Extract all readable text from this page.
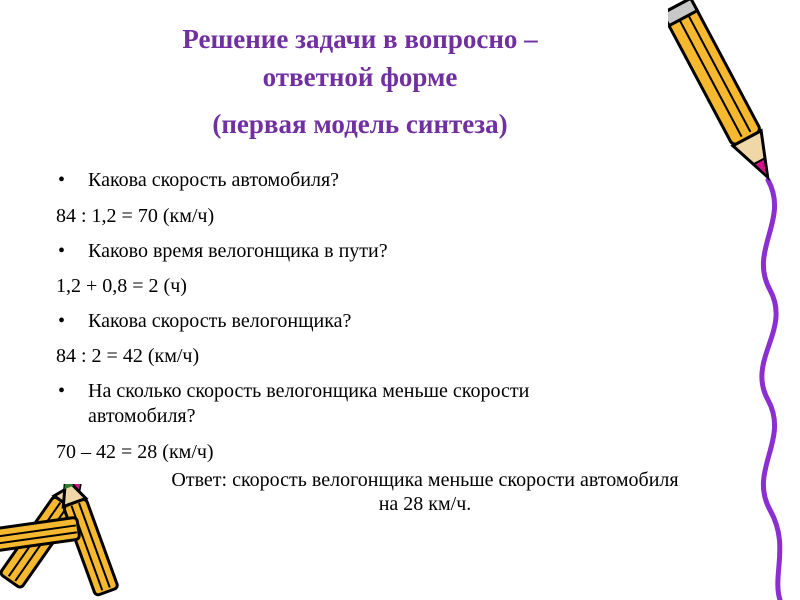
Решение задачи в вопросно –
ответной форме
(первая модель синтеза)
• Какова скорость автомобиля?
84 : 1,2 = 70 (км/ч)
• Каково время велогонщика в пути?
1,2 + 0,8 = 2 (ч)
• Какова скорость велогонщика?
84 : 2 = 42 (км/ч)
• На сколько скорость велогонщика меньше скорости
автомобиля?
70 – 42 = 28 (км/ч)
Ответ: скорость велогонщика меньше скорости автомобиля
на 28 км/ч.
